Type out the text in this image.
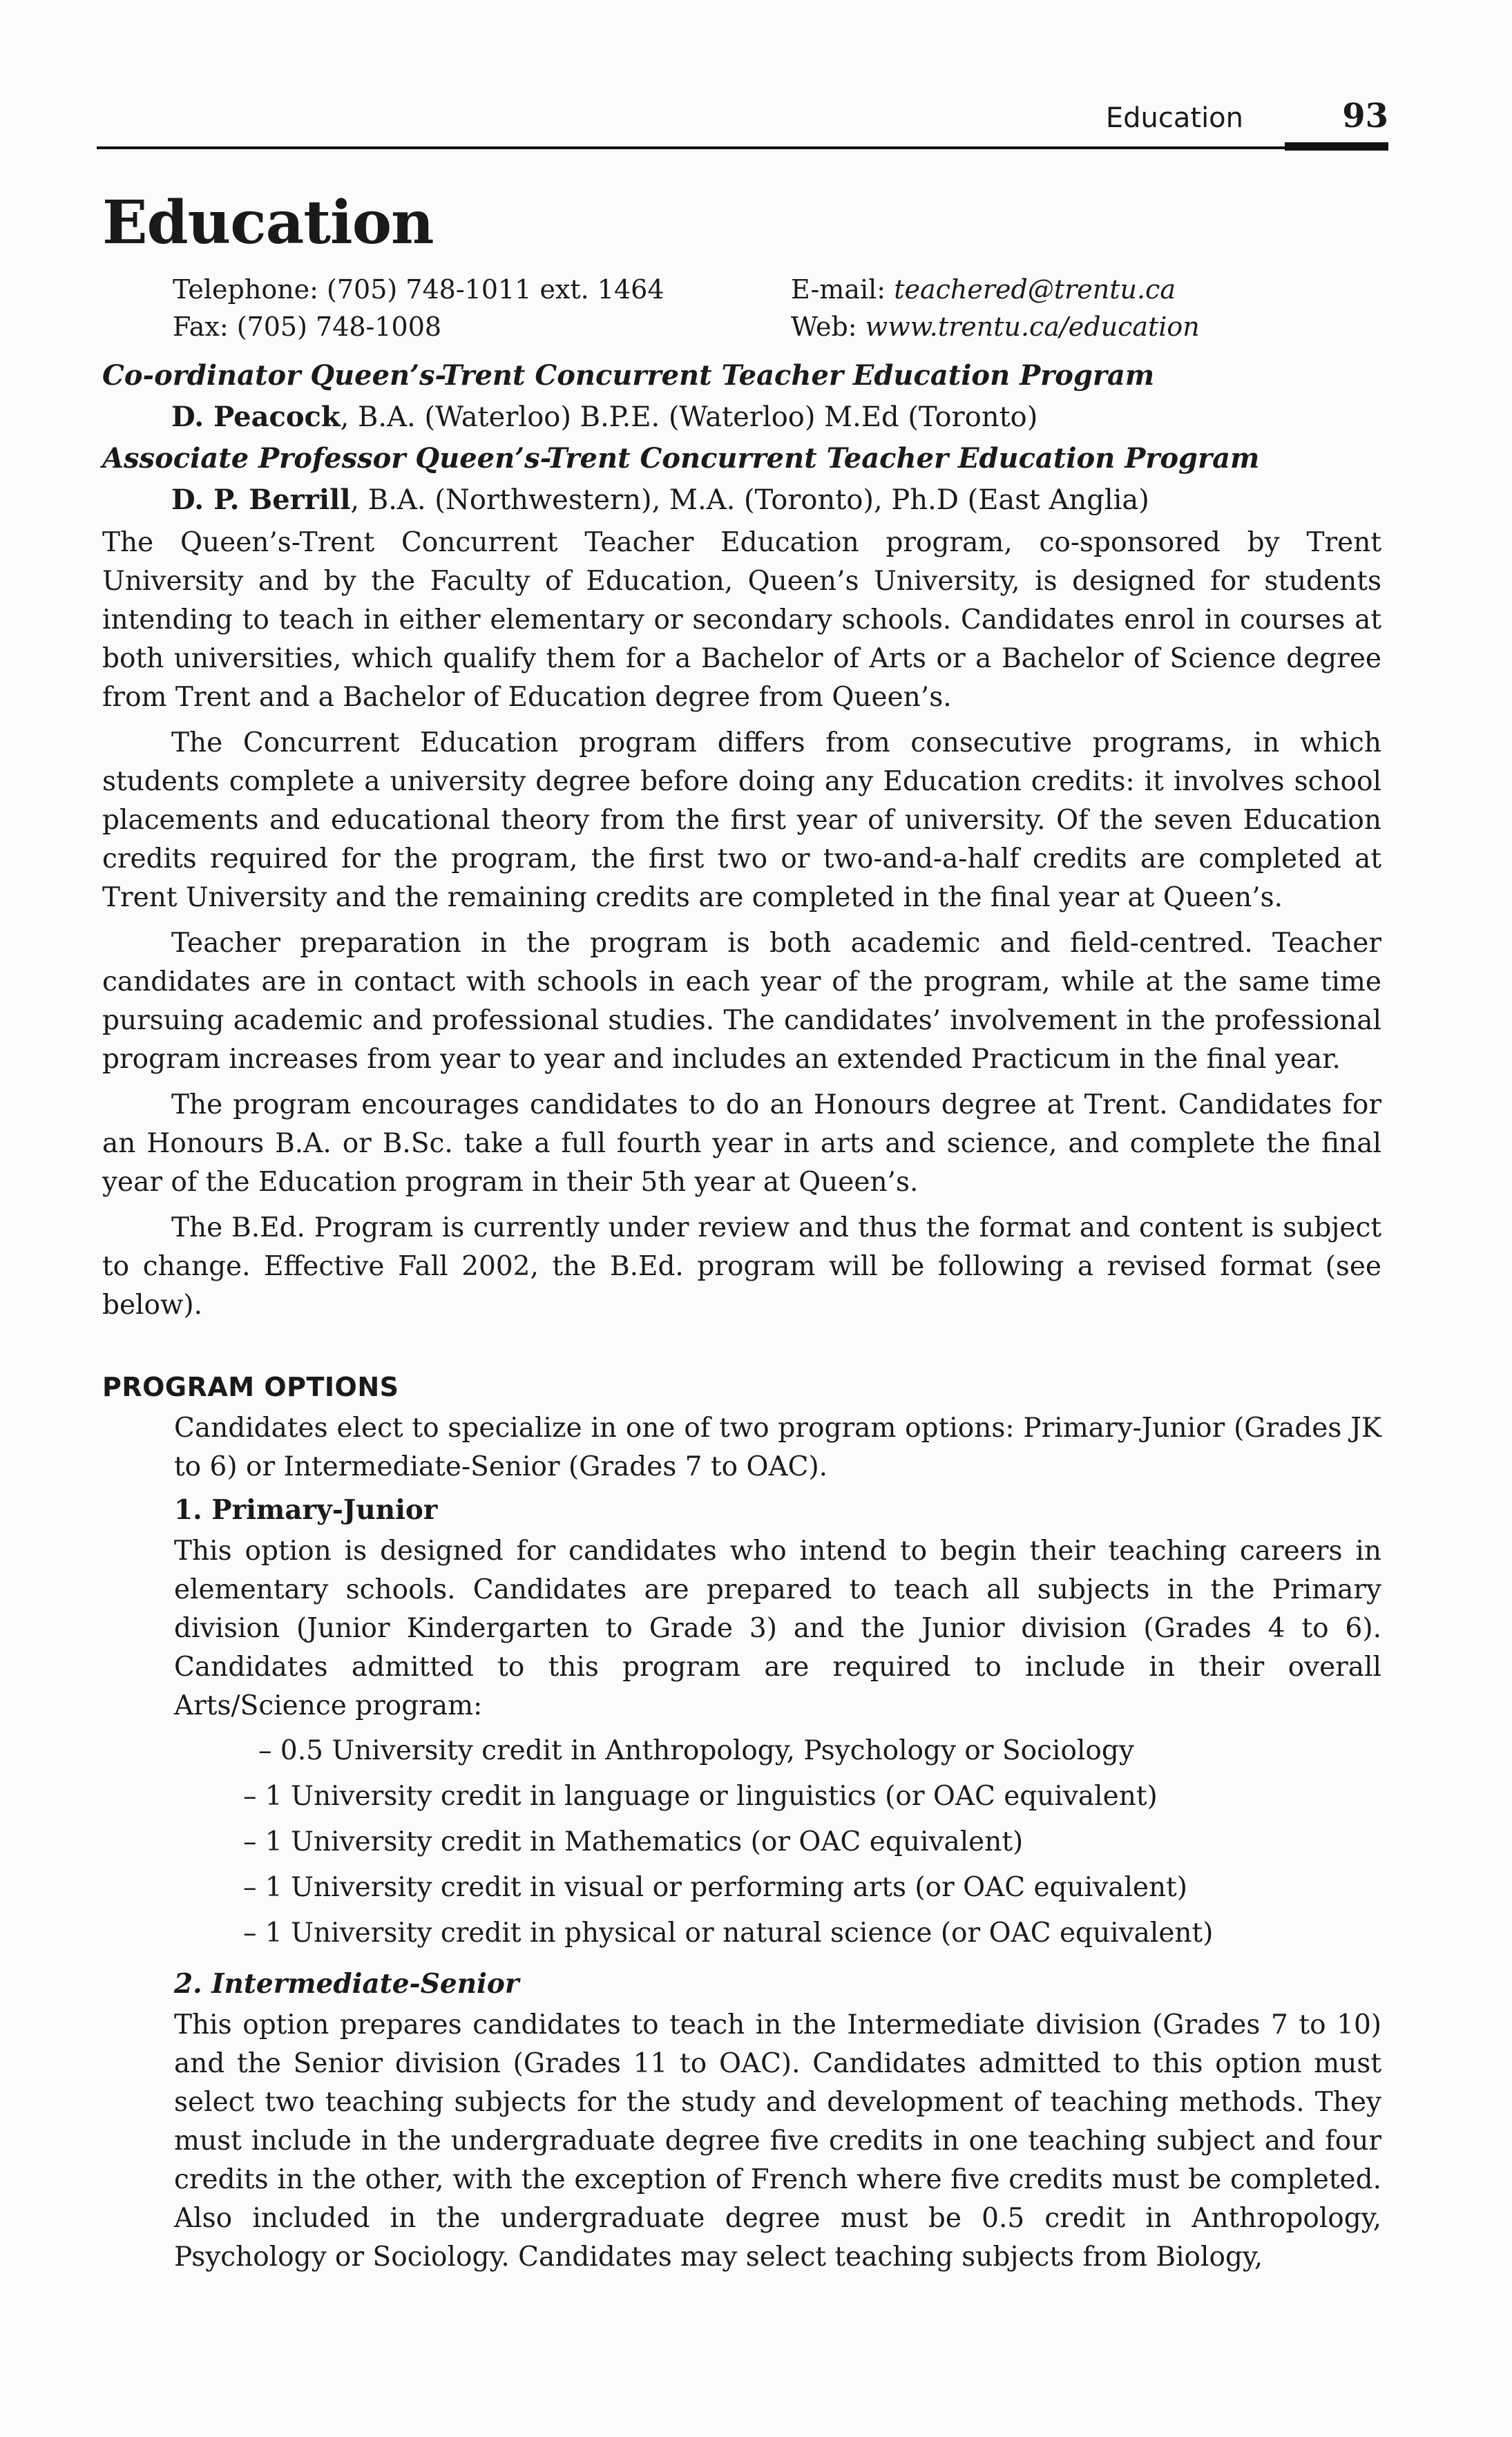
Education	93
Education
Telephone: (705) 748-1011 ext. 1464	E-mail: teachered@trentu.ca
Fax: (705) 748-1008	Web: www.trentu.ca/education
Co-ordinator Queen’s-Trent Concurrent Teacher Education Program
D. Peacock, B.A. (Waterloo) B.P.E. (Waterloo) M.Ed (Toronto)
Associate Professor Queen’s-Trent Concurrent Teacher Education Program
D. P. Berrill, B.A. (Northwestern), M.A. (Toronto), Ph.D (East Anglia)

The Queen’s-Trent Concurrent Teacher Education program, co-sponsored by Trent University and by the Faculty of Education, Queen’s University, is designed for students intending to teach in either elementary or secondary schools. Candidates enrol in courses at both universities, which qualify them for a Bachelor of Arts or a Bachelor of Science degree from Trent and a Bachelor of Education degree from Queen’s.

The Concurrent Education program differs from consecutive programs, in which students complete a university degree before doing any Education credits: it involves school placements and educational theory from the first year of university. Of the seven Education credits required for the program, the first two or two-and-a-half credits are completed at Trent University and the remaining credits are completed in the final year at Queen’s.

Teacher preparation in the program is both academic and field-centred. Teacher candidates are in contact with schools in each year of the program, while at the same time pursuing academic and professional studies. The candidates’ involvement in the professional program increases from year to year and includes an extended Practicum in the final year.

The program encourages candidates to do an Honours degree at Trent. Candidates for an Honours B.A. or B.Sc. take a full fourth year in arts and science, and complete the final year of the Education program in their 5th year at Queen’s.

The B.Ed. Program is currently under review and thus the format and content is subject to change. Effective Fall 2002, the B.Ed. program will be following a revised format (see below).

PROGRAM OPTIONS

Candidates elect to specialize in one of two program options: Primary-Junior (Grades JK to 6) or Intermediate-Senior (Grades 7 to OAC).

1. Primary-Junior

This option is designed for candidates who intend to begin their teaching careers in elementary schools. Candidates are prepared to teach all subjects in the Primary division (Junior Kindergarten to Grade 3) and the Junior division (Grades 4 to 6). Candidates admitted to this program are required to include in their overall Arts/Science program:

– 0.5 University credit in Anthropology, Psychology or Sociology
– 1 University credit in language or linguistics (or OAC equivalent)
– 1 University credit in Mathematics (or OAC equivalent)
– 1 University credit in visual or performing arts (or OAC equivalent)
– 1 University credit in physical or natural science (or OAC equivalent)
2. Intermediate-Senior

This option prepares candidates to teach in the Intermediate division (Grades 7 to 10) and the Senior division (Grades 11 to OAC). Candidates admitted to this option must select two teaching subjects for the study and development of teaching methods. They must include in the undergraduate degree five credits in one teaching subject and four credits in the other, with the exception of French where five credits must be completed. Also included in the undergraduate degree must be 0.5 credit in Anthropology, Psychology or Sociology. Candidates may select teaching subjects from Biology,
